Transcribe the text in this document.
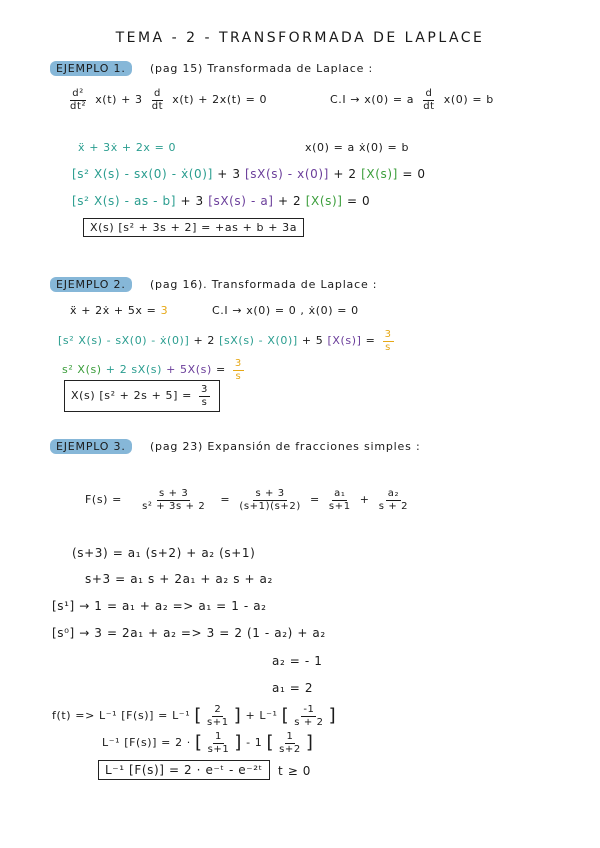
TEMA - 2 - TRANSFORMADA DE LAPLACE
EJEMPLO 1. (pag 15) Transformada de Laplace :
$\frac{\text{d²}}{\text{dt²}} x(t) + 3 \frac{d}{dt} x(t) + 2x(t) = 0$	C.I → x(0) = a $\frac{d}{dt} x(0) = b$
ẍ + 3ẋ + 2x = 0	x(0) = a ẋ(0) = b
[s² X(s) - sx(0) - ẋ(0)] + 3 [sX(s) - x(0)] + 2 [X(s)] = 0
[s² X(s) - as - b] + 3 [sX(s) - a] + 2 [X(s)] = 0
X(s) [s² + 3s + 2] = +as + b + 3a
EJEMPLO 2. (pag 16). Transformada de Laplace :
ẍ + 2ẋ + 5x = 3	C.I → x(0) = 0 , ẋ(0) = 0
[s² X(s) - sX(0) - ẋ(0)] + 2 [sX(s) - X(0)] + 5 $[X(s)] = \frac{3}{s}$
s² X(s) + 2 $sX(s) + 5X(s) = \frac{3}{s}$
X(s) $[s^2 + 2s + 5] = \frac{3}{s}$
EJEMPLO 3. (pag 23) Expansión de fracciones simples :
$F(s) = \frac{s + 3}{\text{s² + 3s + 2}} = \frac{s + 3}{(s+1)(s+2)} = \frac{\text{a₁}}{s+1} + \frac{\text{a₂}}{s + 2}$
(s+3) = a₁ (s+2) + a₂ (s+1)
s+3 = a₁ s + 2a₁ + a₂ s + a₂
[s¹] → 1 = a₁ + a₂ => a₁ = 1 - a₂
[s⁰] → 3 = 2a₁ + a₂ => 3 = 2 (1 - a₂) + a₂
a₂ = - 1
a₁ = 2
f(t) => L⁻¹ [F(s)] = L⁻¹ [ $\frac{2}{s+1}$ ] + L⁻¹ [ $\frac{-1}{s + 2}$ ]
L⁻¹ [F(s)] = 2 · [ $\frac{1}{s+1}$ ] - 1 [ $\frac{1}{s+2}$ ]
L⁻¹ [F(s)] = 2 · e⁻ᵗ - e⁻²ᵗ	t ≥ 0
